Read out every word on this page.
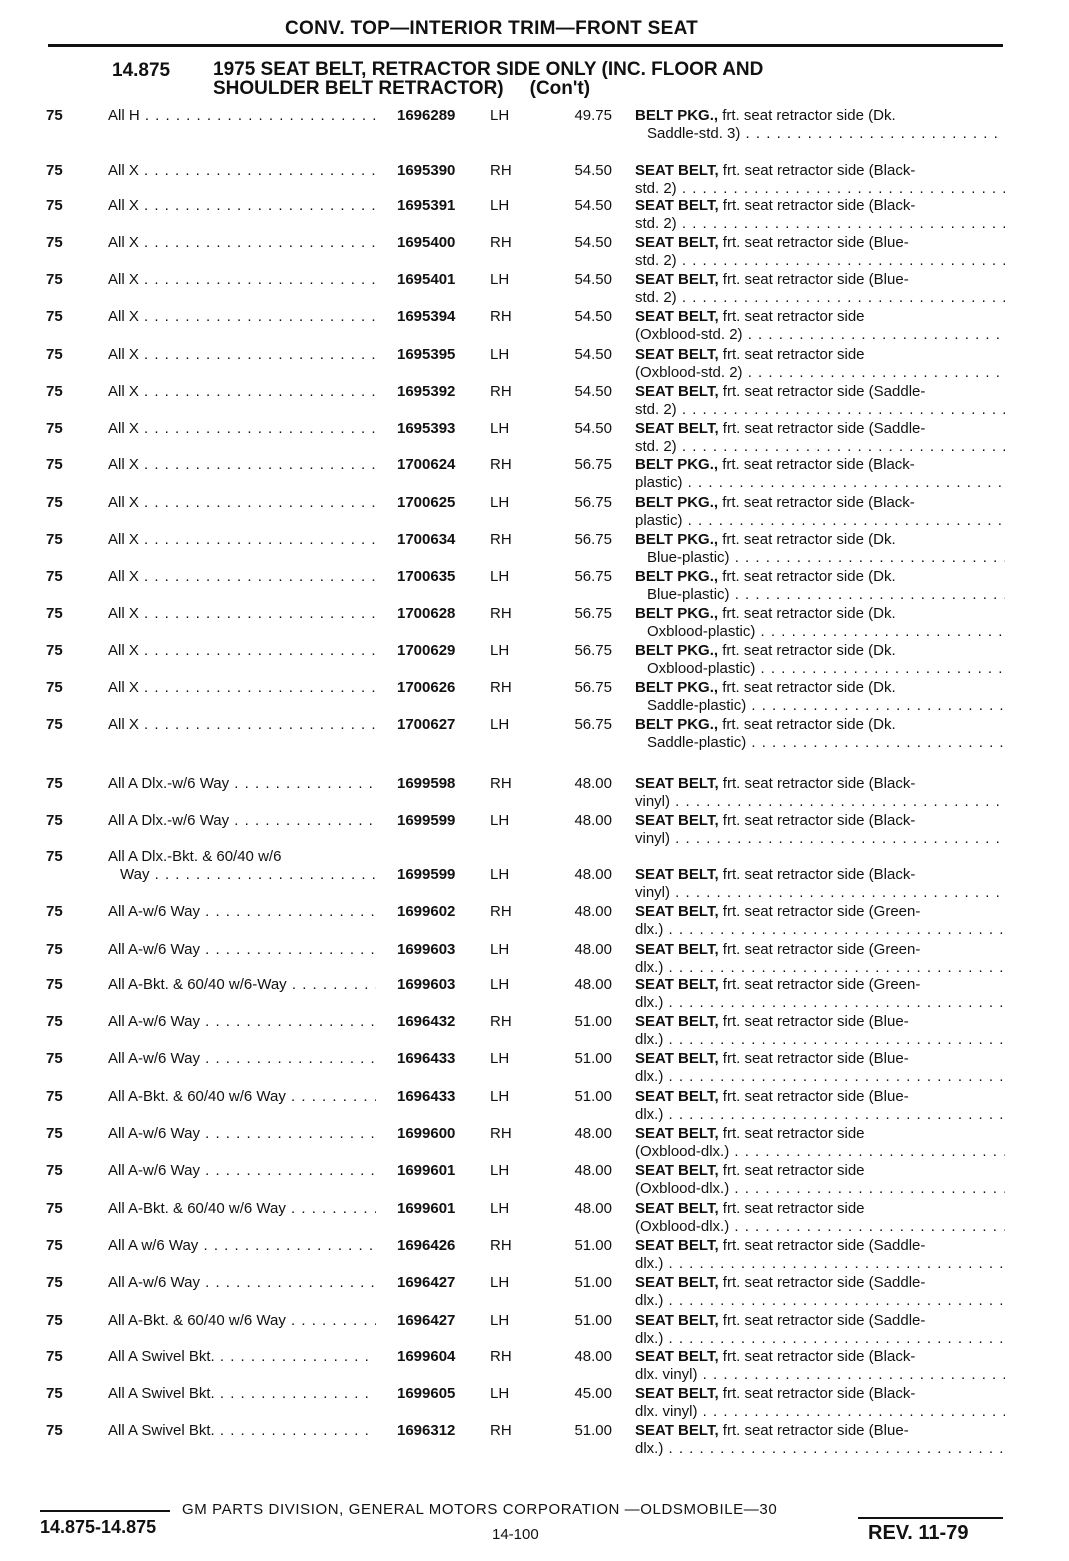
CONV. TOP—INTERIOR TRIM—FRONT SEAT
14.875 1975 SEAT BELT, RETRACTOR SIDE ONLY (INC. FLOOR AND
SHOULDER BELT RETRACTOR) (Con't)
75	All H . . .	1696289	LH	49.75 BELT PKG., frt. seat retractor side (Dk.
Saddle-std. 3) . . .
75	All X . . .	1695390	RH	54.50 SEAT BELT, frt. seat retractor side (Black-
std. 2) . . .
75	All X . . .	1695391	LH	54.50 SEAT BELT, frt. seat retractor side (Black-
std. 2) . . .
75	All X . . .	1695400	RH	54.50 SEAT BELT, frt. seat retractor side (Blue-
std. 2) . . .
75	All X . . .	1695401	LH	54.50 SEAT BELT, frt. seat retractor side (Blue-
std. 2) . . .
75	All X . . .	1695394	RH	54.50 SEAT BELT, frt. seat retractor side
(Oxblood-std. 2) . . .
75	All X . . .	1695395	LH	54.50 SEAT BELT, frt. seat retractor side
(Oxblood-std. 2) . . .
75	All X . . .	1695392	RH	54.50 SEAT BELT, frt. seat retractor side (Saddle-
std. 2) . . .
75	All X . . .	1695393	LH	54.50 SEAT BELT, frt. seat retractor side (Saddle-
std. 2) . . .
75	All X . . .	1700624	RH	56.75 BELT PKG., frt. seat retractor side (Black-
plastic) . . .
75	All X . . .	1700625	LH	56.75 BELT PKG., frt. seat retractor side (Black-
plastic) . . .
75	All X . . .	1700634	RH	56.75 BELT PKG., frt. seat retractor side (Dk.
Blue-plastic) . . .
75	All X . . .	1700635	LH	56.75 BELT PKG., frt. seat retractor side (Dk.
Blue-plastic) . . .
75	All X . . .	1700628	RH	56.75 BELT PKG., frt. seat retractor side (Dk.
Oxblood-plastic) . . .
75	All X . . .	1700629	LH	56.75 BELT PKG., frt. seat retractor side (Dk.
Oxblood-plastic) . . .
75	All X . . .	1700626	RH	56.75 BELT PKG., frt. seat retractor side (Dk.
Saddle-plastic) . . .
75	All X . . .	1700627	LH	56.75 BELT PKG., frt. seat retractor side (Dk.
Saddle-plastic) . . .
75	All A Dlx.-w/6 Way . . .	1699598	RH	48.00 SEAT BELT, frt. seat retractor side (Black-
vinyl) . . .
75	All A Dlx.-w/6 Way . . .	1699599	LH	48.00 SEAT BELT, frt. seat retractor side (Black-
vinyl) . . .
75	All A Dlx.-Bkt. & 60/40 w/6
Way . . .	1699599	LH	48.00 SEAT BELT, frt. seat retractor side (Black-
vinyl) . . .
75	All A-w/6 Way . . .	1699602	RH	48.00 SEAT BELT, frt. seat retractor side (Green-
dlx.) . . .
75	All A-w/6 Way . . .	1699603	LH	48.00 SEAT BELT, frt. seat retractor side (Green-
dlx.) . . .
75	All A-Bkt. & 60/40 w/6-Way . . .	1699603	LH	48.00 SEAT BELT, frt. seat retractor side (Green-
dlx.) . . .
75	All A-w/6 Way . . .	1696432	RH	51.00 SEAT BELT, frt. seat retractor side (Blue-
dlx.) . . .
75	All A-w/6 Way . . .	1696433	LH	51.00 SEAT BELT, frt. seat retractor side (Blue-
dlx.) . . .
75	All A-Bkt. & 60/40 w/6 Way . . .	1696433	LH	51.00 SEAT BELT, frt. seat retractor side (Blue-
dlx.) . . .
75	All A-w/6 Way . . .	1699600	RH	48.00 SEAT BELT, frt. seat retractor side
(Oxblood-dlx.) . . .
75	All A-w/6 Way . . .	1699601	LH	48.00 SEAT BELT, frt. seat retractor side
(Oxblood-dlx.) . . .
75	All A-Bkt. & 60/40 w/6 Way . . .	1699601	LH	48.00 SEAT BELT, frt. seat retractor side
(Oxblood-dlx.) . . .
75	All A w/6 Way . . .	1696426	RH	51.00 SEAT BELT, frt. seat retractor side (Saddle-
dlx.) . . .
75	All A-w/6 Way . . .	1696427	LH	51.00 SEAT BELT, frt. seat retractor side (Saddle-
dlx.) . . .
75	All A-Bkt. & 60/40 w/6 Way . . .	1696427	LH	51.00 SEAT BELT, frt. seat retractor side (Saddle-
dlx.) . . .
75	All A Swivel Bkt. . . .	1699604	RH	48.00 SEAT BELT, frt. seat retractor side (Black-
dlx. vinyl) . . .
75	All A Swivel Bkt. . . .	1699605	LH	45.00 SEAT BELT, frt. seat retractor side (Black-
dlx. vinyl) . . .
75	All A Swivel Bkt. . . .	1696312	RH	51.00 SEAT BELT, frt. seat retractor side (Blue-
dlx.) . . .
GM PARTS DIVISION, GENERAL MOTORS CORPORATION —OLDSMOBILE—30
14.875-14.875	14-100	REV. 11-79
